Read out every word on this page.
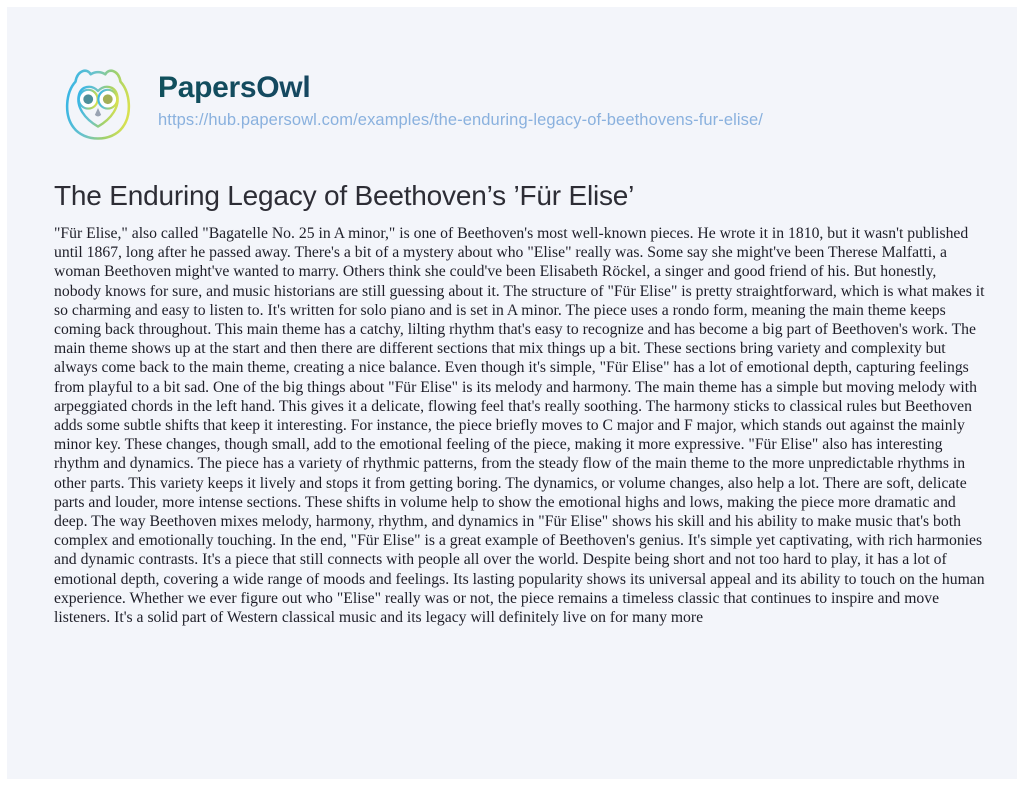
PapersOwl
https://hub.papersowl.com/examples/the-enduring-legacy-of-beethovens-fur-elise/
The Enduring Legacy of Beethoven’s ’Für Elise’

"Für Elise," also called "Bagatelle No. 25 in A minor," is one of Beethoven's most well-known pieces. He wrote it in 1810, but it wasn't published until 1867, long after he passed away. There's a bit of a mystery about who "Elise" really was. Some say she might've been Therese Malfatti, a woman Beethoven might've wanted to marry. Others think she could've been Elisabeth Röckel, a singer and good friend of his. But honestly, nobody knows for sure, and music historians are still guessing about it. The structure of "Für Elise" is pretty straightforward, which is what makes it so charming and easy to listen to. It's written for solo piano and is set in A minor. The piece uses a rondo form, meaning the main theme keeps coming back throughout. This main theme has a catchy, lilting rhythm that's easy to recognize and has become a big part of Beethoven's work. The main theme shows up at the start and then there are different sections that mix things up a bit. These sections bring variety and complexity but always come back to the main theme, creating a nice balance. Even though it's simple, "Für Elise" has a lot of emotional depth, capturing feelings from playful to a bit sad. One of the big things about "Für Elise" is its melody and harmony. The main theme has a simple but moving melody with arpeggiated chords in the left hand. This gives it a delicate, flowing feel that's really soothing. The harmony sticks to classical rules but Beethoven adds some subtle shifts that keep it interesting. For instance, the piece briefly moves to C major and F major, which stands out against the mainly minor key. These changes, though small, add to the emotional feeling of the piece, making it more expressive. "Für Elise" also has interesting rhythm and dynamics. The piece has a variety of rhythmic patterns, from the steady flow of the main theme to the more unpredictable rhythms in other parts. This variety keeps it lively and stops it from getting boring. The dynamics, or volume changes, also help a lot. There are soft, delicate parts and louder, more intense sections. These shifts in volume help to show the emotional highs and lows, making the piece more dramatic and deep. The way Beethoven mixes melody, harmony, rhythm, and dynamics in "Für Elise" shows his skill and his ability to make music that's both complex and emotionally touching. In the end, "Für Elise" is a great example of Beethoven's genius. It's simple yet captivating, with rich harmonies and dynamic contrasts. It's a piece that still connects with people all over the world. Despite being short and not too hard to play, it has a lot of emotional depth, covering a wide range of moods and feelings. Its lasting popularity shows its universal appeal and its ability to touch on the human experience. Whether we ever figure out who "Elise" really was or not, the piece remains a timeless classic that continues to inspire and move listeners. It's a solid part of Western classical music and its legacy will definitely live on for many more
